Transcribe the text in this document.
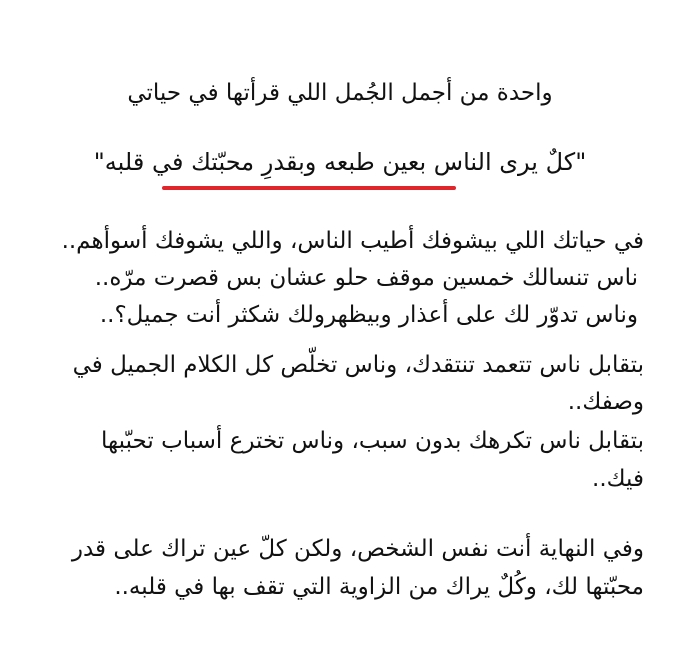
واحدة من أجمل الجُمل اللي قرأتها في حياتي
"كلٌ يرى الناس بعين طبعه وبقدرِ محبّتك في قلبه"
في حياتك اللي بيشوفك أطيب الناس، واللي يشوفك أسوأهم..
ناس تنسالك خمسين موقف حلو عشان بس قصرت مرّه..
وناس تدوّر لك على أعذار وبيظهرولك شكثر أنت جميل؟..
بتقابل ناس تتعمد تنتقدك، وناس تخلّص كل الكلام الجميل في
وصفك..
بتقابل ناس تكرهك بدون سبب، وناس تخترع أسباب تحبّبها
فيك..
وفي النهاية أنت نفس الشخص، ولكن كلّ عين تراك على قدر
محبّتها لك، وكُلٌ يراك من الزاوية التي تقف بها في قلبه..
